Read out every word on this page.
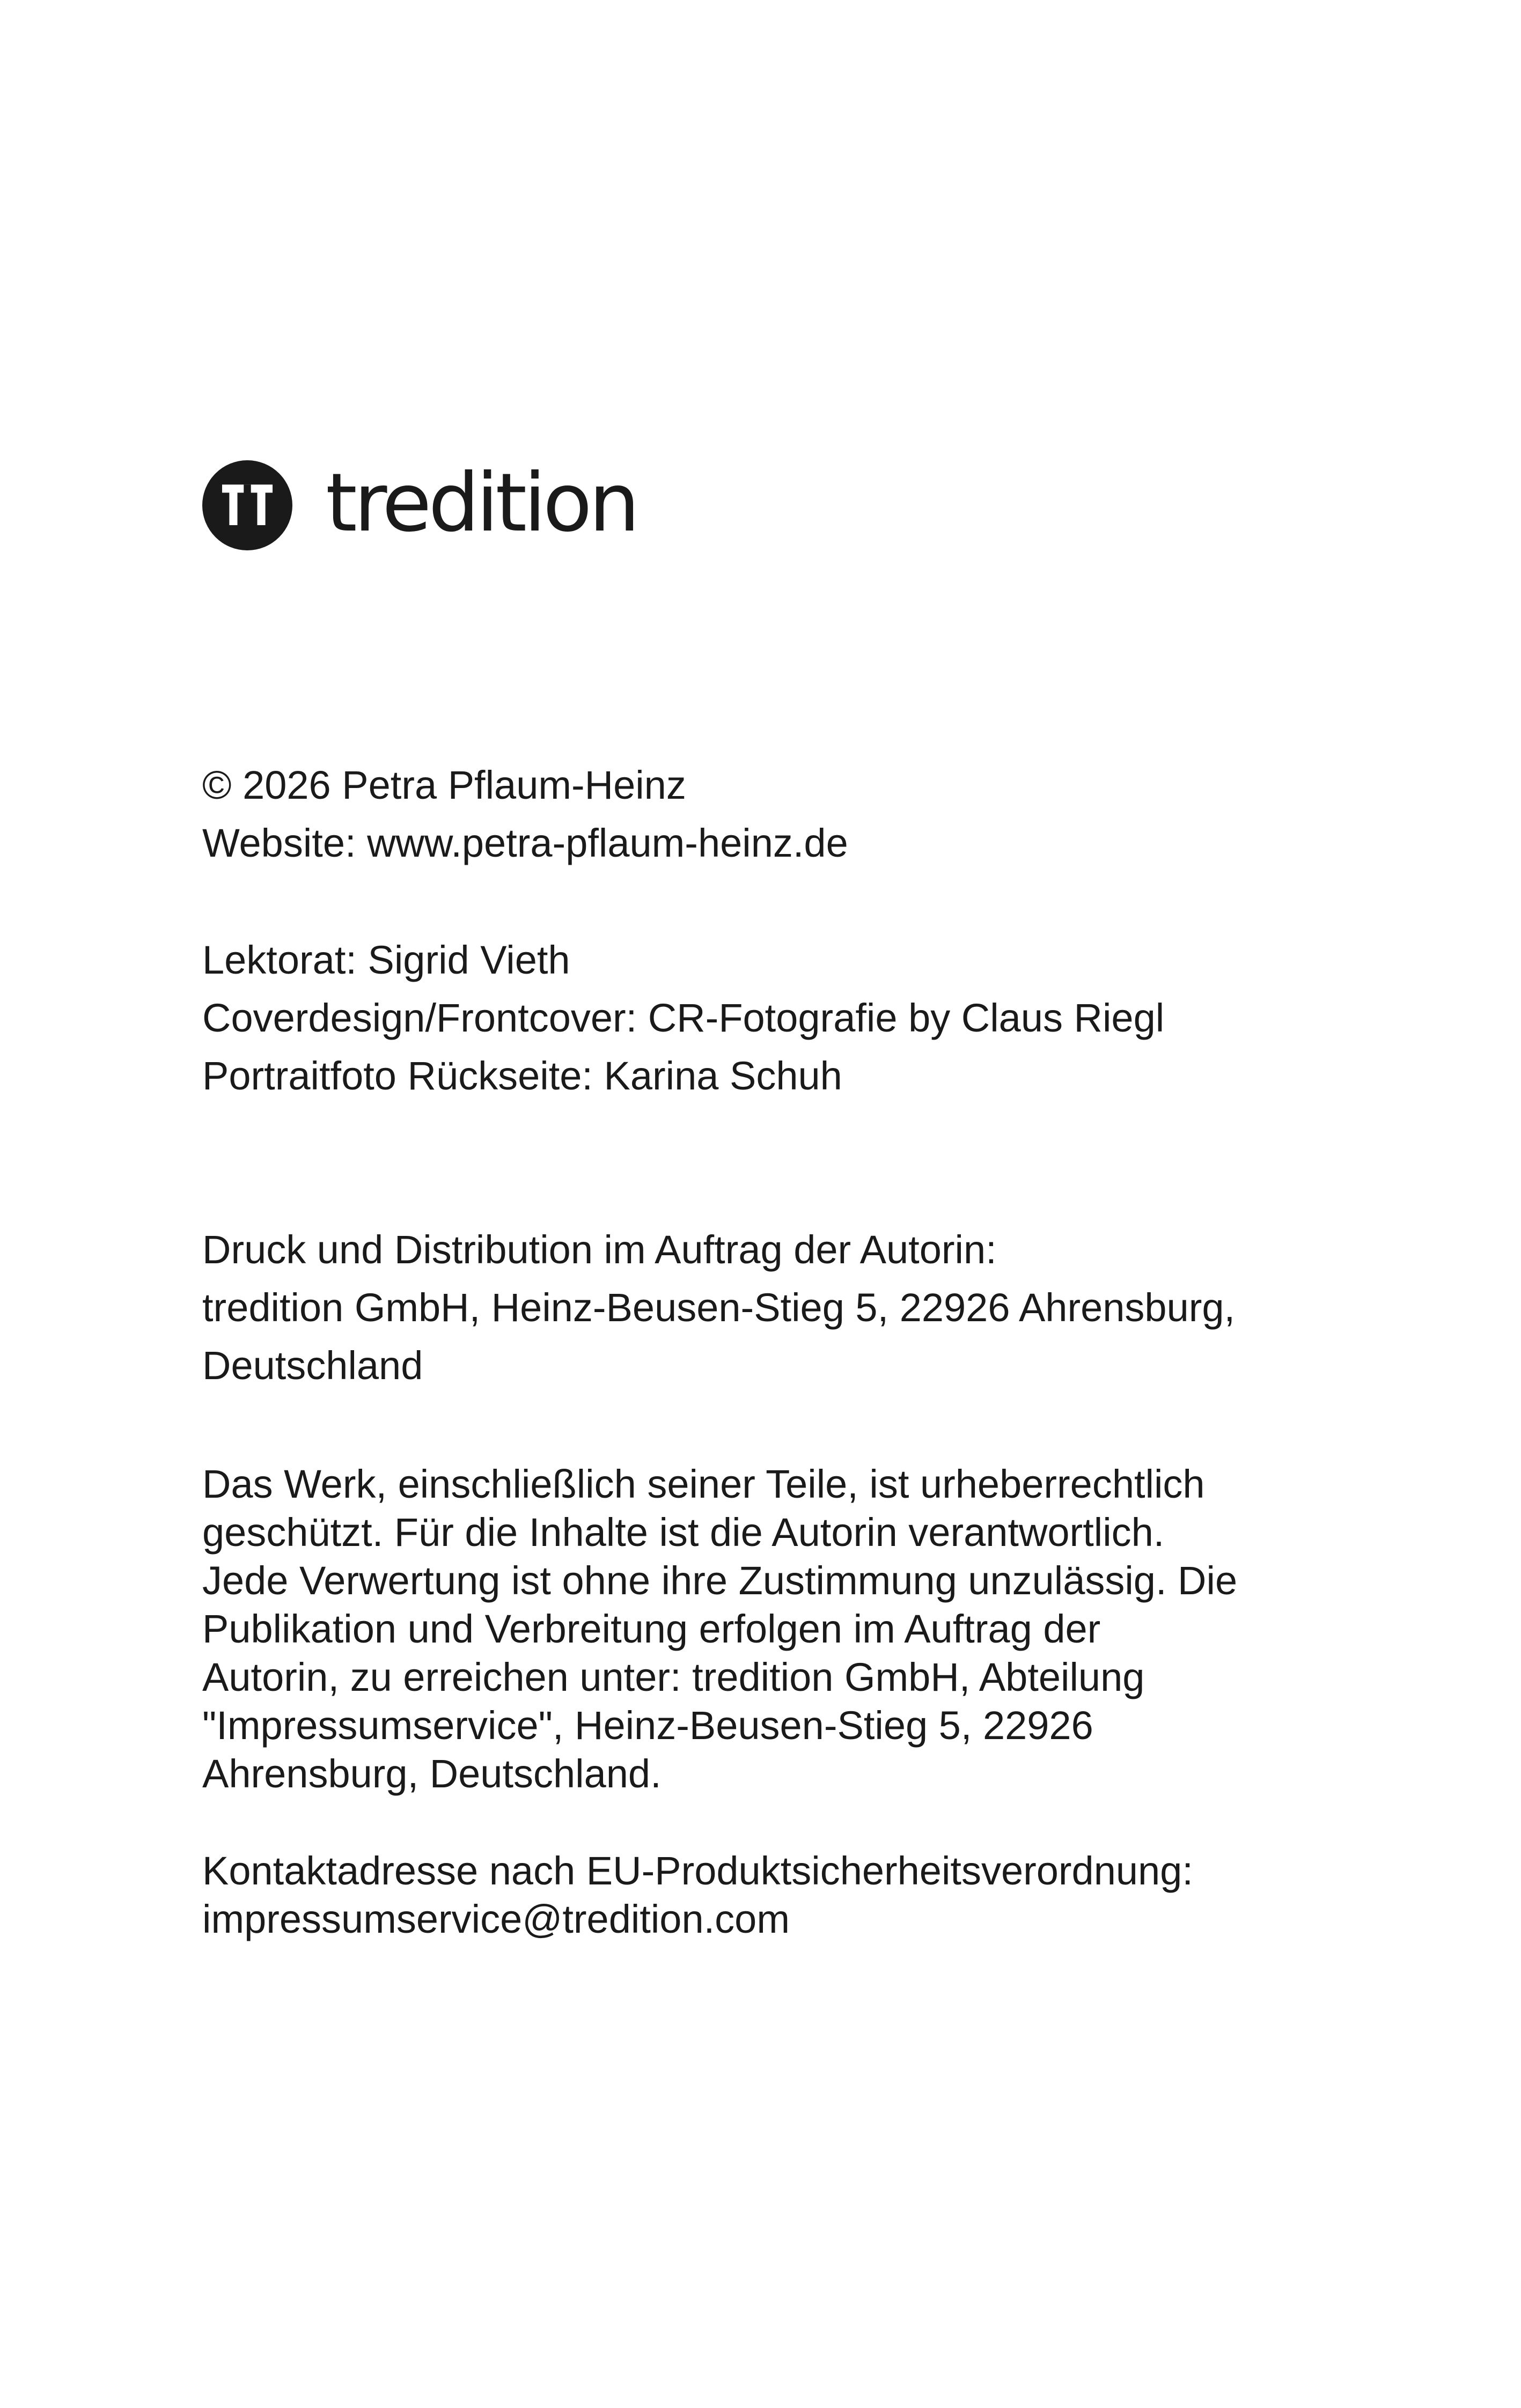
tredition
© 2026 Petra Pflaum-Heinz
Website: www.petra-pflaum-heinz.de
Lektorat: Sigrid Vieth
Coverdesign/Frontcover: CR-Fotografie by Claus Riegl
Portraitfoto Rückseite: Karina Schuh
Druck und Distribution im Auftrag der Autorin:
tredition GmbH, Heinz-Beusen-Stieg 5, 22926 Ahrensburg,
Deutschland
Das Werk, einschließlich seiner Teile, ist urheberrechtlich
geschützt. Für die Inhalte ist die Autorin verantwortlich.
Jede Verwertung ist ohne ihre Zustimmung unzulässig. Die
Publikation und Verbreitung erfolgen im Auftrag der
Autorin, zu erreichen unter: tredition GmbH, Abteilung
"Impressumservice", Heinz-Beusen-Stieg 5, 22926
Ahrensburg, Deutschland.
Kontaktadresse nach EU-Produktsicherheitsverordnung:
impressumservice@tredition.com
